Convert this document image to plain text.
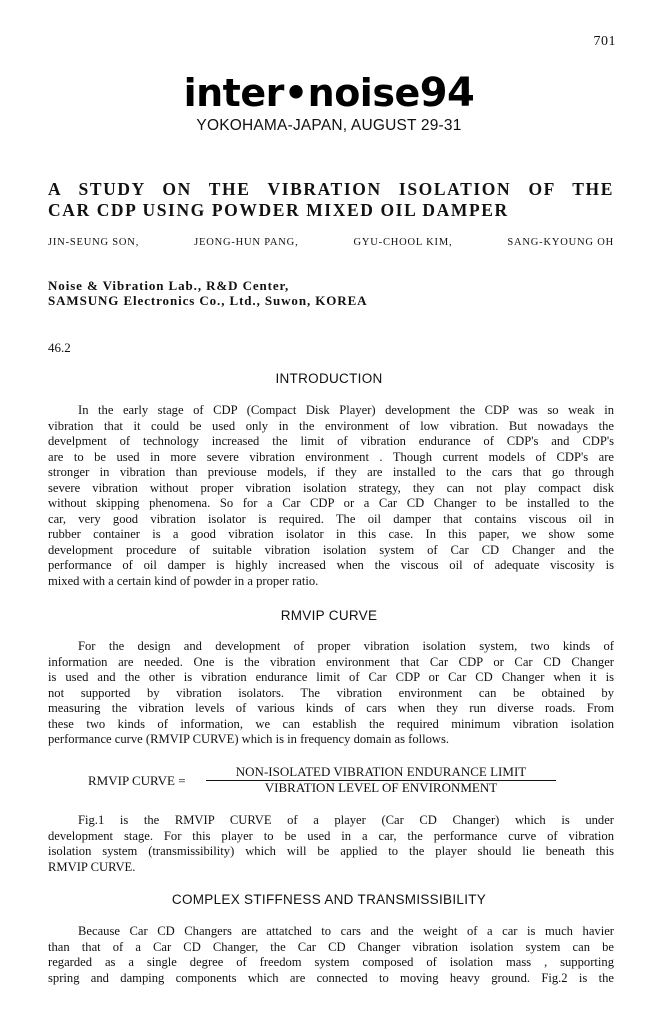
701
inter•noise94
YOKOHAMA-JAPAN, AUGUST 29-31
A STUDY ON THE VIBRATION ISOLATION OF THE
CAR CDP USING POWDER MIXED OIL DAMPER
JIN-SEUNG SON,	JEONG-HUN PANG,	GYU-CHOOL KIM,	SANG-KYOUNG OH
Noise & Vibration Lab., R&D Center,
SAMSUNG Electronics Co., Ltd., Suwon, KOREA
46.2
INTRODUCTION
In the early stage of CDP (Compact Disk Player) development the CDP was so weak in
vibration that it could be used only in the environment of low vibration. But nowadays the
develpment of technology increased the limit of vibration endurance of CDP's and CDP's
are to be used in more severe vibration environment . Though current models of CDP's are
stronger in vibration than previouse models, if they are installed to the cars that go through
severe vibration without proper vibration isolation strategy, they can not play compact disk
without skipping phenomena. So for a Car CDP or a Car CD Changer to be installed to the
car, very good vibration isolator is required. The oil damper that contains viscous oil in
rubber container is a good vibration isolator in this case. In this paper, we show some
development procedure of suitable vibration isolation system of Car CD Changer and the
performance of oil damper is highly increased when the viscous oil of adequate viscosity is
mixed with a certain kind of powder in a proper ratio.
RMVIP CURVE
For the design and development of proper vibration isolation system, two kinds of
information are needed. One is the vibration environment that Car CDP or Car CD Changer
is used and the other is vibration endurance limit of Car CDP or Car CD Changer when it is
not supported by vibration isolators. The vibration environment can be obtained by
measuring the vibration levels of various kinds of cars when they run diverse roads. From
these two kinds of information, we can establish the required minimum vibration isolation
performance curve (RMVIP CURVE) which is in frequency domain as follows.
RMVIP CURVE =
NON-ISOLATED VIBRATION ENDURANCE LIMIT
VIBRATION LEVEL OF ENVIRONMENT
Fig.1 is the RMVIP CURVE of a player (Car CD Changer) which is under
development stage. For this player to be used in a car, the performance curve of vibration
isolation system (transmissibility) which will be applied to the player should lie beneath this
RMVIP CURVE.
COMPLEX STIFFNESS AND TRANSMISSIBILITY
Because Car CD Changers are attatched to cars and the weight of a car is much havier
than that of a Car CD Changer, the Car CD Changer vibration isolation system can be
regarded as a single degree of freedom system composed of isolation mass , supporting
spring and damping components which are connected to moving heavy ground. Fig.2 is the
